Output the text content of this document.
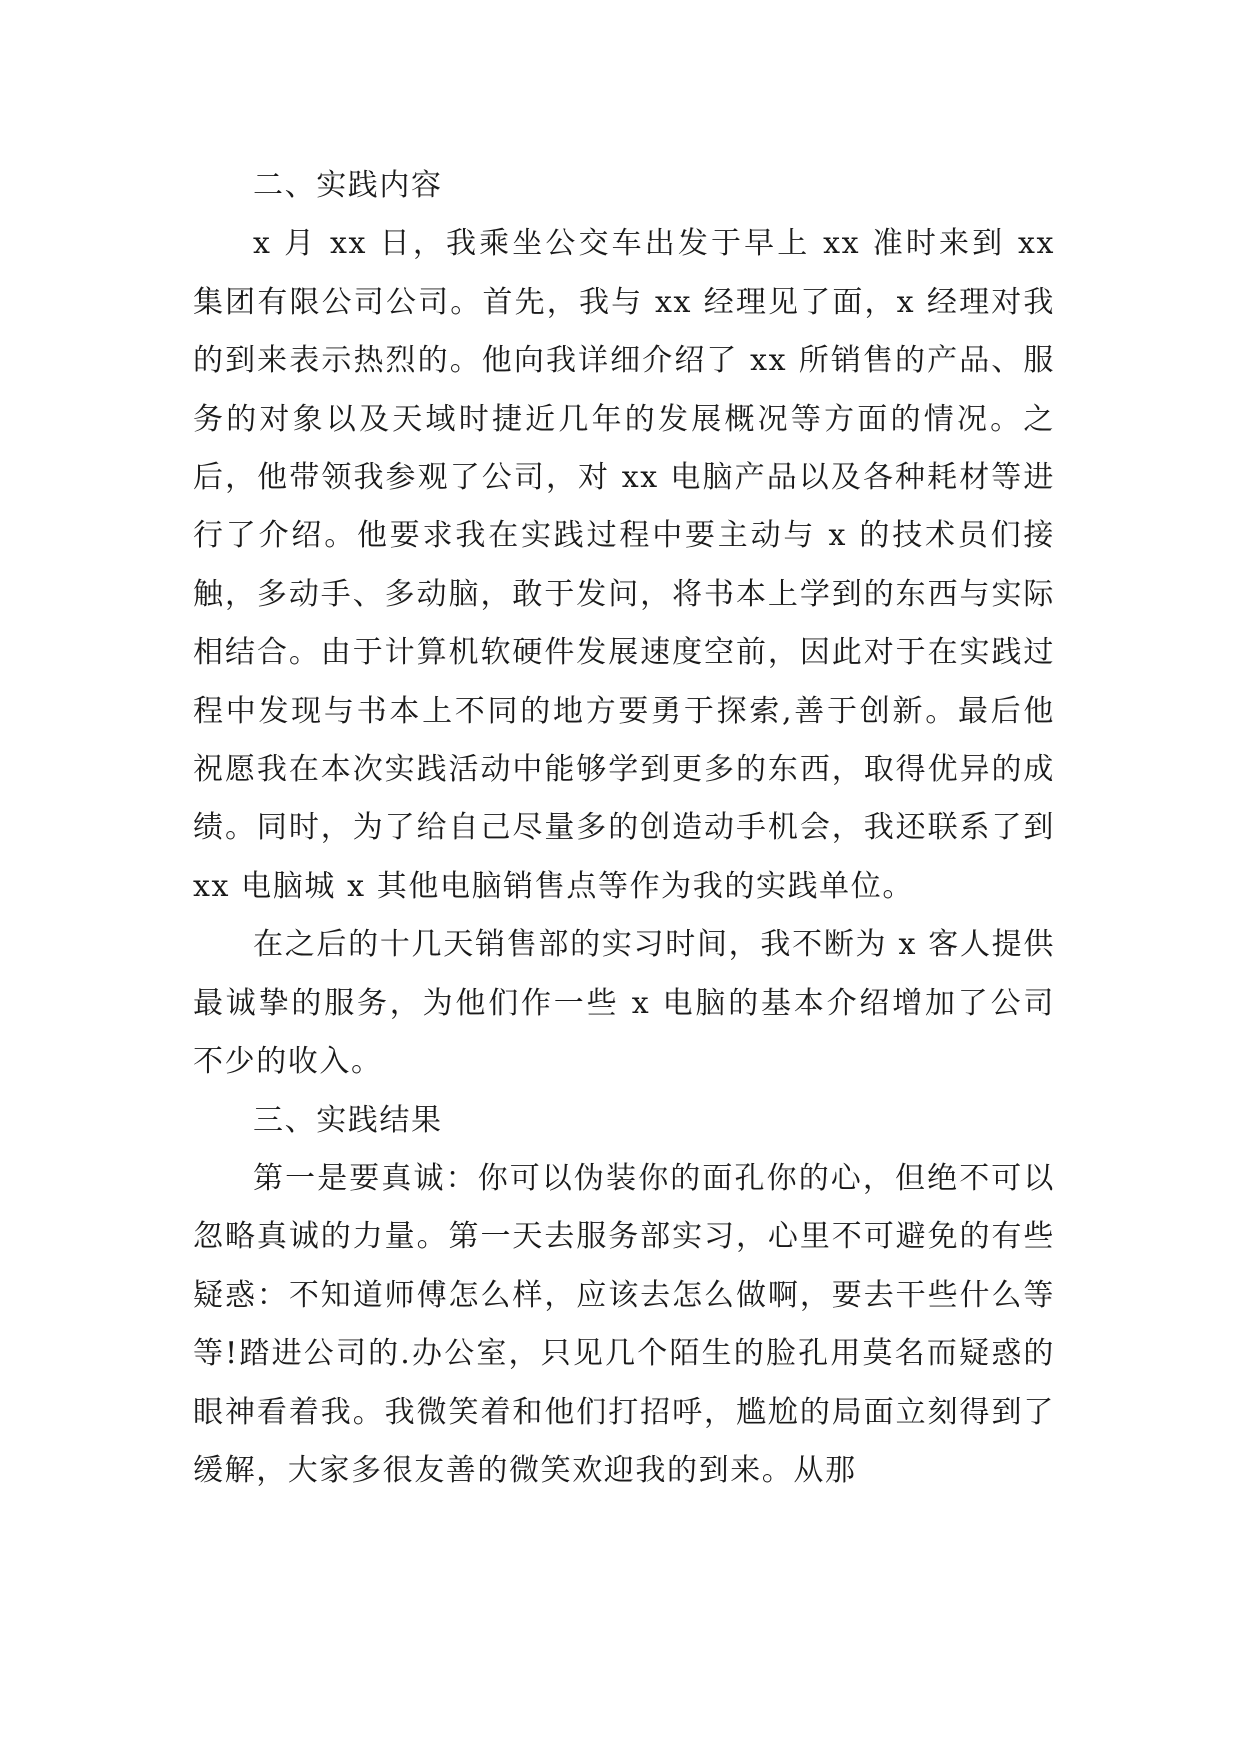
二、实践内容

x 月 xx 日，我乘坐公交车出发于早上 xx 准时来到 xx 集团有限公司公司。首先，我与 xx 经理见了面，x 经理对我的到来表示热烈的。他向我详细介绍了 xx 所销售的产品、服务的对象以及天域时捷近几年的发展概况等方面的情况。之后，他带领我参观了公司，对 xx 电脑产品以及各种耗材等进行了介绍。他要求我在实践过程中要主动与 x 的技术员们接触，多动手、多动脑，敢于发问，将书本上学到的东西与实际相结合。由于计算机软硬件发展速度空前，因此对于在实践过程中发现与书本上不同的地方要勇于探索,善于创新。最后他祝愿我在本次实践活动中能够学到更多的东西，取得优异的成绩。同时，为了给自己尽量多的创造动手机会，我还联系了到 xx 电脑城 x 其他电脑销售点等作为我的实践单位。

在之后的十几天销售部的实习时间，我不断为 x 客人提供最诚挚的服务，为他们作一些 x 电脑的基本介绍增加了公司不少的收入。

三、实践结果

第一是要真诚：你可以伪装你的面孔你的心，但绝不可以忽略真诚的力量。第一天去服务部实习，心里不可避免的有些疑惑：不知道师傅怎么样，应该去怎么做啊，要去干些什么等等!踏进公司的.办公室，只见几个陌生的脸孔用莫名而疑惑的眼神看着我。我微笑着和他们打招呼，尴尬的局面立刻得到了缓解，大家多很友善的微笑欢迎我的到来。从那
